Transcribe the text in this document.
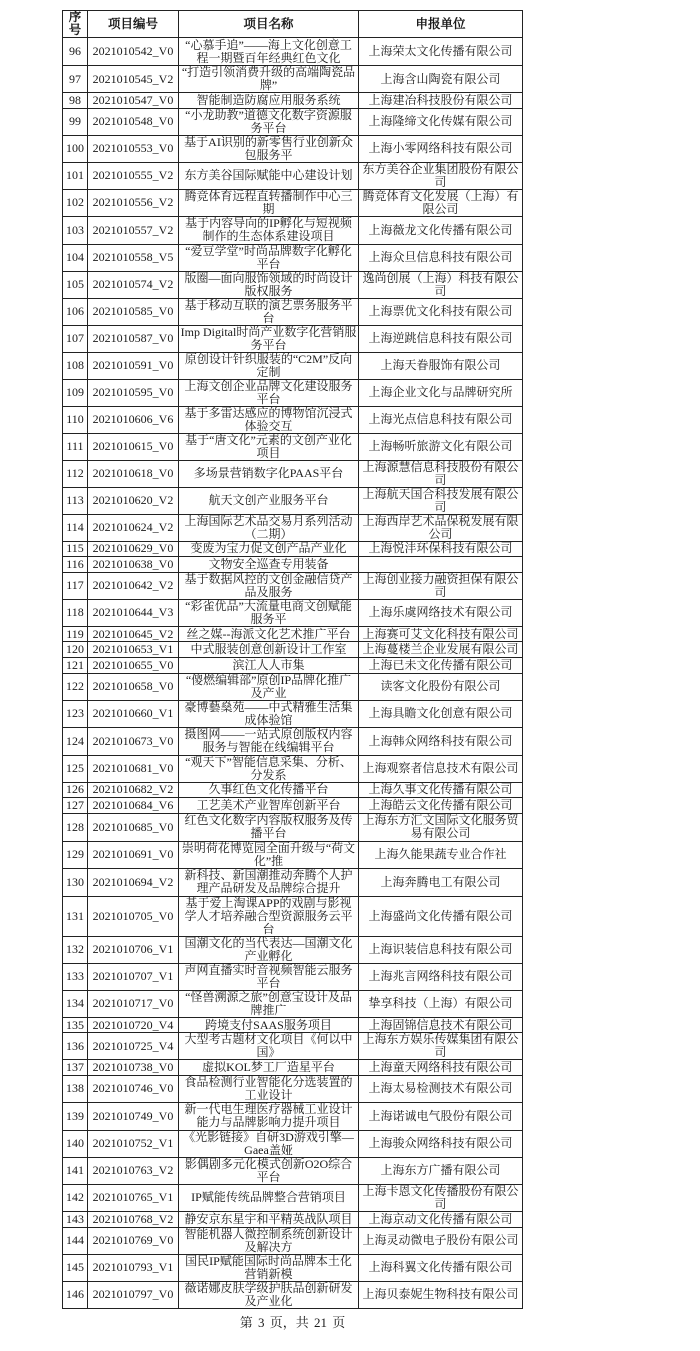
序号	项目编号	项目名称	申报单位
96	2021010542_V0	“心慕手追”——海上文化创意工程一期暨百年经典红色文化	上海荣太文化传播有限公司
97	2021010545_V2	“打造引领消费升级的高端陶瓷品牌”	上海含山陶瓷有限公司
98	2021010547_V0	智能制造防腐应用服务系统	上海建冶科技股份有限公司
99	2021010548_V0	“小龙助教”道德文化数字资源服务平台	上海隆缔文化传媒有限公司
100	2021010553_V0	基于AI识别的新零售行业创新众包服务平	上海小零网络科技有限公司
101	2021010555_V2	东方美谷国际赋能中心建设计划	东方美谷企业集团股份有限公司
102	2021010556_V2	腾竞体育远程直转播制作中心三期	腾竞体育文化发展（上海）有限公司
103	2021010557_V2	基于内容导向的IP孵化与短视频制作的生态体系建设项目	上海薇龙文化传播有限公司
104	2021010558_V5	“爱豆学堂”时尚品牌数字化孵化平台	上海众旦信息科技有限公司
105	2021010574_V2	版圈—面向服饰领域的时尚设计版权服务	逸尚创展（上海）科技有限公司
106	2021010585_V0	基于移动互联的演艺票务服务平台	上海票优文化科技有限公司
107	2021010587_V0	Imp Digital时尚产业数字化营销服务平台	上海逆跳信息科技有限公司
108	2021010591_V0	原创设计针织服装的“C2M”反向定制	上海天眷服饰有限公司
109	2021010595_V0	上海文创企业品牌文化建设服务平台	上海企业文化与品牌研究所
110	2021010606_V6	基于多雷达感应的博物馆沉浸式体验交互	上海光点信息科技有限公司
111	2021010615_V0	基于“唐文化”元素的文创产业化项目	上海畅听旅游文化有限公司
112	2021010618_V0	多场景营销数字化PAAS平台	上海源慧信息科技股份有限公司
113	2021010620_V2	航天文创产业服务平台	上海航天国合科技发展有限公司
114	2021010624_V2	上海国际艺术品交易月系列活动（二期）	上海西岸艺术品保税发展有限公司
115	2021010629_V0	变废为宝力促文创产品产业化	上海悦沣环保科技有限公司
116	2021010638_V0	文物安全巡查专用装备	
117	2021010642_V2	基于数据风控的文创金融信贷产品及服务	上海创业接力融资担保有限公司
118	2021010644_V3	“彩雀优品”大流量电商文创赋能服务平	上海乐虞网络技术有限公司
119	2021010645_V2	丝之媒--海派文化艺术推广平台	上海赛可艾文化科技有限公司
120	2021010653_V1	中式服装创意创新设计工作室	上海蔓楼兰企业发展有限公司
121	2021010655_V0	滨江人人市集	上海已未文化传播有限公司
122	2021010658_V0	“傻燃编辑部”原创IP品牌化推广及产业	读客文化股份有限公司
123	2021010660_V1	豪博藝燊苑——中式精雅生活集成体验馆	上海具瞻文化创意有限公司
124	2021010673_V0	摄图网——一站式原创版权内容服务与智能在线编辑平台	上海韩众网络科技有限公司
125	2021010681_V0	“观天下”智能信息采集、分析、分发系	上海观察者信息技术有限公司
126	2021010682_V2	久事红色文化传播平台	上海久事文化传播有限公司
127	2021010684_V6	工艺美术产业智库创新平台	上海皓云文化传播有限公司
128	2021010685_V0	红色文化数字内容版权服务及传播平台	上海东方汇文国际文化服务贸易有限公司
129	2021010691_V0	崇明荷花博览园全面升级与“荷文化”推	上海久能果蔬专业合作社
130	2021010694_V2	新科技、新国潮推动奔腾个人护理产品研发及品牌综合提升	上海奔腾电工有限公司
131	2021010705_V0	基于爱上淘课APP的戏剧与影视学人才培养融合型资源服务云平台	上海盛尚文化传播有限公司
132	2021010706_V1	国潮文化的当代表达—国潮文化产业孵化	上海识装信息科技有限公司
133	2021010707_V1	声网直播实时音视频智能云服务平台	上海兆言网络科技有限公司
134	2021010717_V0	“怪兽溯源之旅”创意宝设计及品牌推广	挚享科技（上海）有限公司
135	2021010720_V4	跨境支付SAAS服务项目	上海固锦信息技术有限公司
136	2021010725_V4	大型考古题材文化项目《何以中国》	上海东方娱乐传媒集团有限公司
137	2021010738_V0	虚拟KOL梦工厂造星平台	上海童天网络科技有限公司
138	2021010746_V0	食品检测行业智能化分选装置的工业设计	上海太易检测技术有限公司
139	2021010749_V0	新一代电生理医疗器械工业设计能力与品牌影响力提升项目	上海诺诚电气股份有限公司
140	2021010752_V1	《光影链接》自研3D游戏引擎—Gaea盖娅	上海骏众网络科技有限公司
141	2021010763_V2	影偶剧多元化模式创新O2O综合平台	上海东方广播有限公司
142	2021010765_V1	IP赋能传统品牌整合营销项目	上海卡恩文化传播股份有限公司
143	2021010768_V2	静安京东星宇和平精英战队项目	上海京动文化传播有限公司
144	2021010769_V0	智能机器人微控制系统创新设计及解决方	上海灵动微电子股份有限公司
145	2021010793_V1	国民IP赋能国际时尚品牌本土化营销新模	上海科翼文化传播有限公司
146	2021010797_V0	薇诺娜皮肤学级护肤品创新研发及产业化	上海贝泰妮生物科技有限公司
第 3 页，共 21 页
